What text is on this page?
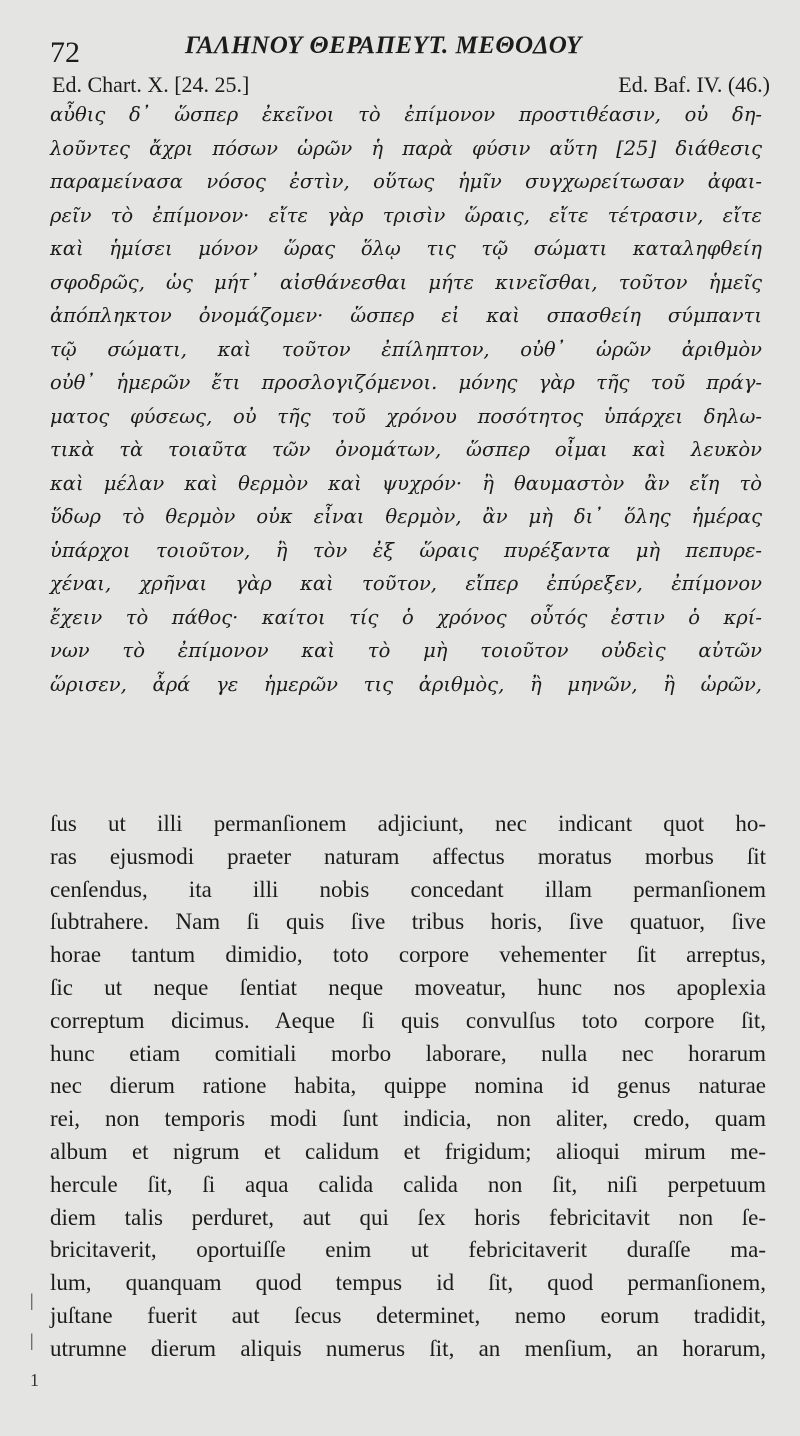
72	ΓΑΛΗΝΟΥ ΘΕΡΑΠΕΥΤ. ΜΕΘΟΔΟΥ
Ed. Chart. X. [24. 25.]	Ed. Baf. IV. (46.)
αὖθις δ᾿ ὥσπερ ἐκεῖνοι τὸ ἐπίμονον προστιθέασιν, οὐ δη-
λοῦντες ἄχρι πόσων ὡρῶν ἡ παρὰ φύσιν αὕτη [25] διάθεσις
παραμείνασα νόσος ἐστὶν, οὕτως ἡμῖν συγχωρείτωσαν ἀφαι-
ρεῖν τὸ ἐπίμονον· εἴτε γὰρ τρισὶν ὥραις, εἴτε τέτρασιν, εἴτε
καὶ ἡμίσει μόνον ὥρας ὅλῳ τις τῷ σώματι καταληφθείη
σφοδρῶς, ὡς μήτ᾿ αἰσθάνεσθαι μήτε κινεῖσθαι, τοῦτον ἡμεῖς
ἀπόπληκτον ὀνομάζομεν· ὥσπερ εἰ καὶ σπασθείη σύμπαντι
τῷ σώματι, καὶ τοῦτον ἐπίληπτον, οὐθ᾿ ὡρῶν ἀριθμὸν
οὐθ᾿ ἡμερῶν ἔτι προσλογιζόμενοι. μόνης γὰρ τῆς τοῦ πράγ-
ματος φύσεως, οὐ τῆς τοῦ χρόνου ποσότητος ὑπάρχει δηλω-
τικὰ τὰ τοιαῦτα τῶν ὀνομάτων, ὥσπερ οἶμαι καὶ λευκὸν
καὶ μέλαν καὶ θερμὸν καὶ ψυχρόν· ἢ θαυμαστὸν ἂν εἴη τὸ
ὕδωρ τὸ θερμὸν οὐκ εἶναι θερμὸν, ἂν μὴ δι᾿ ὅλης ἡμέρας
ὑπάρχοι τοιοῦτον, ἢ τὸν ἐξ ὥραις πυρέξαντα μὴ πεπυρε-
χέναι, χρῆναι γὰρ καὶ τοῦτον, εἴπερ ἐπύρεξεν, ἐπίμονον
ἔχειν τὸ πάθος· καίτοι τίς ὁ χρόνος οὗτός ἐστιν ὁ κρί-
νων τὸ ἐπίμονον καὶ τὸ μὴ τοιοῦτον οὐδεὶς αὐτῶν
ὥρισεν, ἆρά γε ἡμερῶν τις ἀριθμὸς, ἢ μηνῶν, ἢ ὡρῶν,
ſus ut illi permanſionem adjiciunt, nec indicant quot ho-
ras ejusmodi praeter naturam affectus moratus morbus ſit
cenſendus, ita illi nobis concedant illam permanſionem
ſubtrahere. Nam ſi quis ſive tribus horis, ſive quatuor, ſive
horae tantum dimidio, toto corpore vehementer ſit arreptus,
ſic ut neque ſentiat neque moveatur, hunc nos apoplexia
correptum dicimus. Aeque ſi quis convulſus toto corpore ſit,
hunc etiam comitiali morbo laborare, nulla nec horarum
nec dierum ratione habita, quippe nomina id genus naturae
rei, non temporis modi ſunt indicia, non aliter, credo, quam
album et nigrum et calidum et frigidum; alioqui mirum me-
hercule ſit, ſi aqua calida calida non ſit, niſi perpetuum
diem talis perduret, aut qui ſex horis febricitavit non ſe-
bricitaverit, oportuiſſe enim ut febricitaverit duraſſe ma-
lum, quanquam quod tempus id ſit, quod permanſionem,
juſtane fuerit aut ſecus determinet, nemo eorum tradidit,
utrumne dierum aliquis numerus ſit, an menſium, an horarum,
|
|
1
